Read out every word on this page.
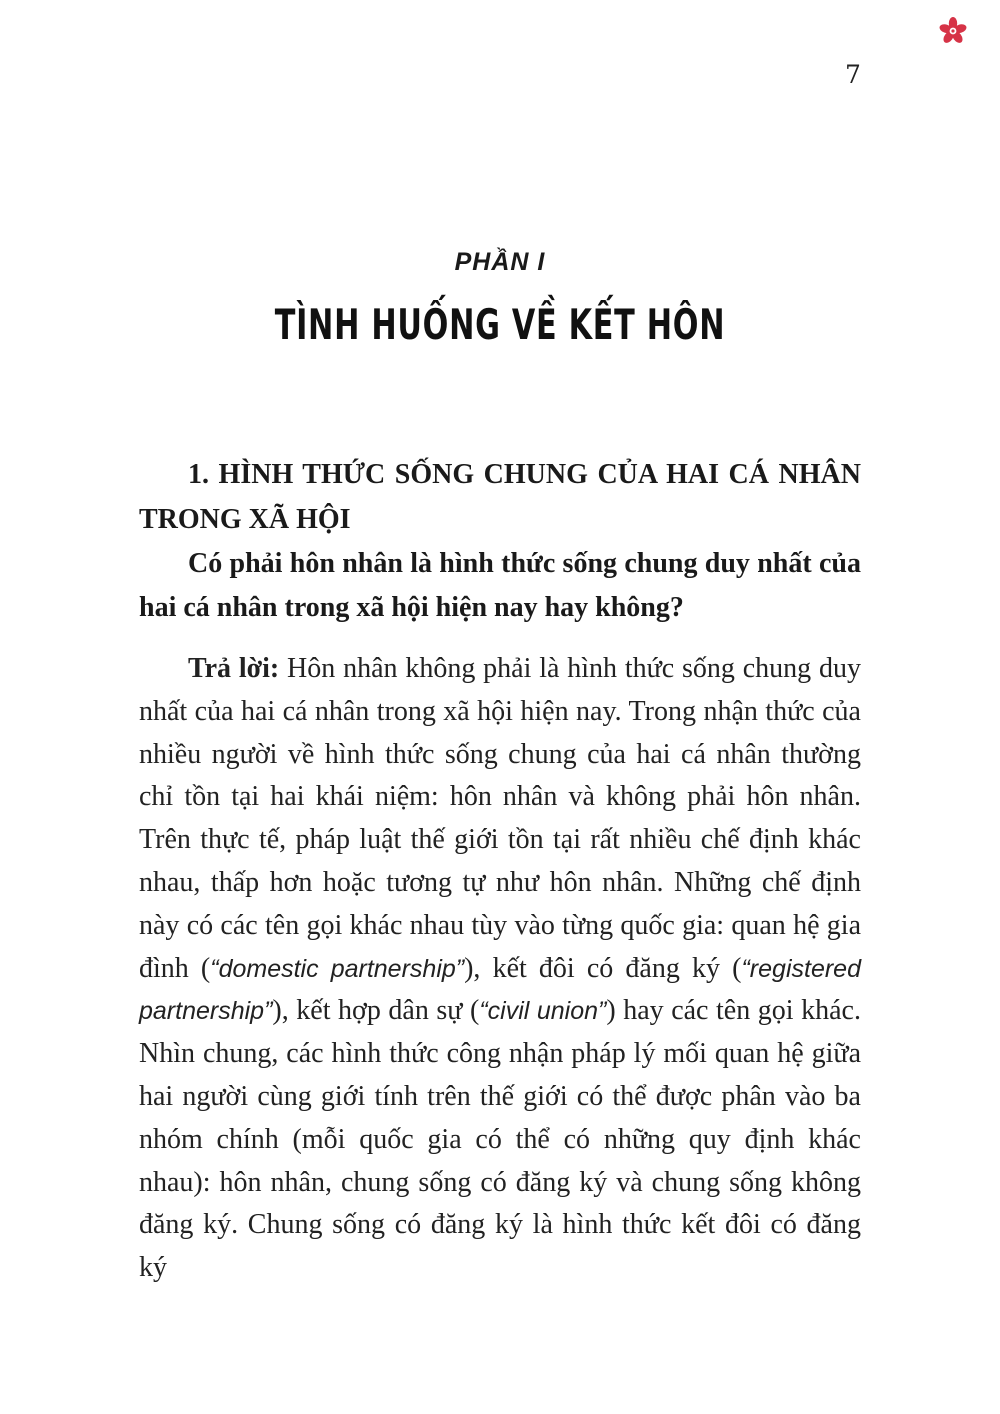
7
PHẦN I
TÌNH HUỐNG VỀ KẾT HÔN

1. HÌNH THỨC SỐNG CHUNG CỦA HAI CÁ NHÂN TRONG XÃ HỘI

Có phải hôn nhân là hình thức sống chung duy nhất của hai cá nhân trong xã hội hiện nay hay không?

Trả lời: Hôn nhân không phải là hình thức sống chung duy nhất của hai cá nhân trong xã hội hiện nay. Trong nhận thức của nhiều người về hình thức sống chung của hai cá nhân thường chỉ tồn tại hai khái niệm: hôn nhân và không phải hôn nhân. Trên thực tế, pháp luật thế giới tồn tại rất nhiều chế định khác nhau, thấp hơn hoặc tương tự như hôn nhân. Những chế định này có các tên gọi khác nhau tùy vào từng quốc gia: quan hệ gia đình (“domestic partnership”), kết đôi có đăng ký (“registered partnership”), kết hợp dân sự (“civil union”) hay các tên gọi khác. Nhìn chung, các hình thức công nhận pháp lý mối quan hệ giữa hai người cùng giới tính trên thế giới có thể được phân vào ba nhóm chính (mỗi quốc gia có thể có những quy định khác nhau): hôn nhân, chung sống có đăng ký và chung sống không đăng ký. Chung sống có đăng ký là hình thức kết đôi có đăng ký
